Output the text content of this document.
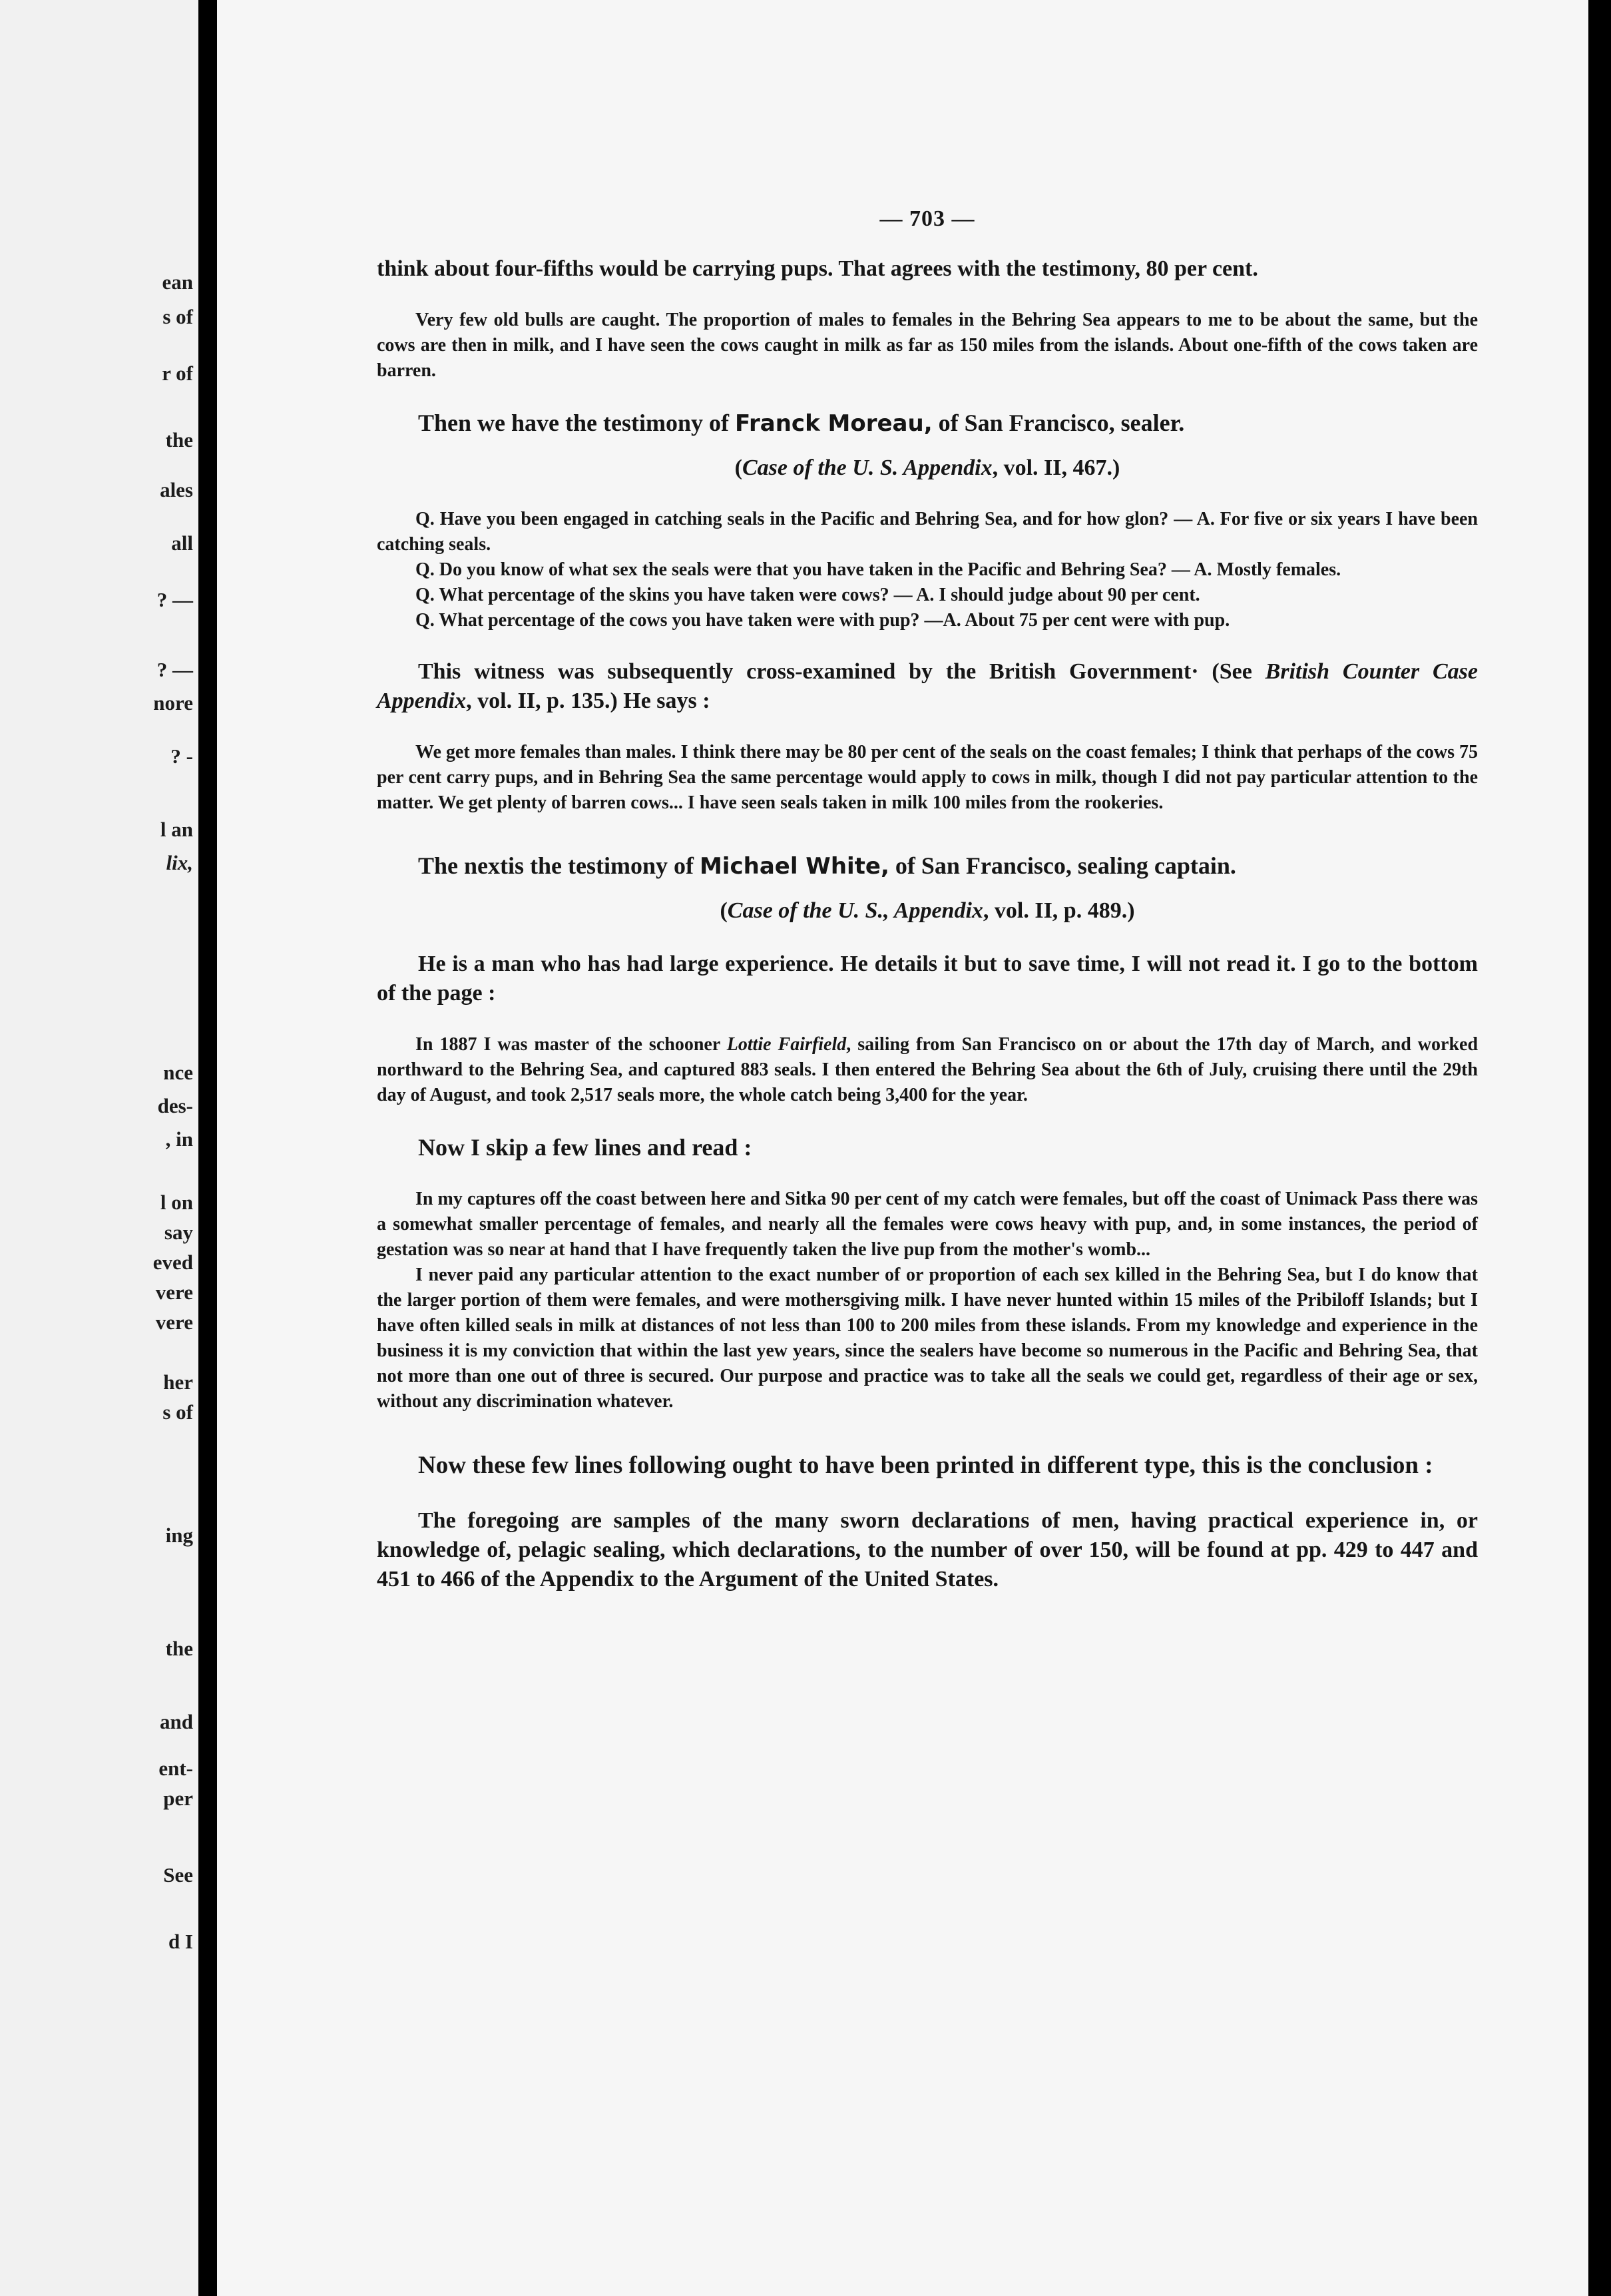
ean
s of
r of
the
ales
all
? —
? —
nore
? -
l an
lix,
nce
des-
, in
l on
say
eved
vere
vere
her
s of
ing
the
and
ent-
per
See
d I
— 703 —

think about four-fifths would be carrying pups. That agrees with the testimony, 80 per cent.

Very few old bulls are caught. The proportion of males to females in the Behring Sea appears to me to be about the same, but the cows are then in milk, and I have seen the cows caught in milk as far as 150 miles from the islands. About one-fifth of the cows taken are barren.

Then we have the testimony of Franck Moreau, of San Francisco, sealer.

(Case of the U. S. Appendix, vol. II, 467.)

Q. Have you been engaged in catching seals in the Pacific and Behring Sea, and for how glon? — A. For five or six years I have been catching seals.

Q. Do you know of what sex the seals were that you have taken in the Pacific and Behring Sea? — A. Mostly females.

Q. What percentage of the skins you have taken were cows? — A. I should judge about 90 per cent.

Q. What percentage of the cows you have taken were with pup? —A. About 75 per cent were with pup.

This witness was subsequently cross-examined by the British Government· (See British Counter Case Appendix, vol. II, p. 135.) He says :

We get more females than males. I think there may be 80 per cent of the seals on the coast females; I think that perhaps of the cows 75 per cent carry pups, and in Behring Sea the same percentage would apply to cows in milk, though I did not pay particular attention to the matter. We get plenty of barren cows... I have seen seals taken in milk 100 miles from the rookeries.

The nextis the testimony of Michael White, of San Francisco, sealing captain.

(Case of the U. S., Appendix, vol. II, p. 489.)

He is a man who has had large experience. He details it but to save time, I will not read it. I go to the bottom of the page :

In 1887 I was master of the schooner Lottie Fairfield, sailing from San Francisco on or about the 17th day of March, and worked northward to the Behring Sea, and captured 883 seals. I then entered the Behring Sea about the 6th of July, cruising there until the 29th day of August, and took 2,517 seals more, the whole catch being 3,400 for the year.

Now I skip a few lines and read :

In my captures off the coast between here and Sitka 90 per cent of my catch were females, but off the coast of Unimack Pass there was a somewhat smaller percentage of females, and nearly all the females were cows heavy with pup, and, in some instances, the period of gestation was so near at hand that I have frequently taken the live pup from the mother's womb...

I never paid any particular attention to the exact number of or proportion of each sex killed in the Behring Sea, but I do know that the larger portion of them were females, and were mothersgiving milk. I have never hunted within 15 miles of the Pribiloff Islands; but I have often killed seals in milk at distances of not less than 100 to 200 miles from these islands. From my knowledge and experience in the business it is my conviction that within the last yew years, since the sealers have become so numerous in the Pacific and Behring Sea, that not more than one out of three is secured. Our purpose and practice was to take all the seals we could get, regardless of their age or sex, without any discrimination whatever.

Now these few lines following ought to have been printed in different type, this is the conclusion :

The foregoing are samples of the many sworn declarations of men, having practical experience in, or knowledge of, pelagic sealing, which declarations, to the number of over 150, will be found at pp. 429 to 447 and 451 to 466 of the Appendix to the Argument of the United States.
